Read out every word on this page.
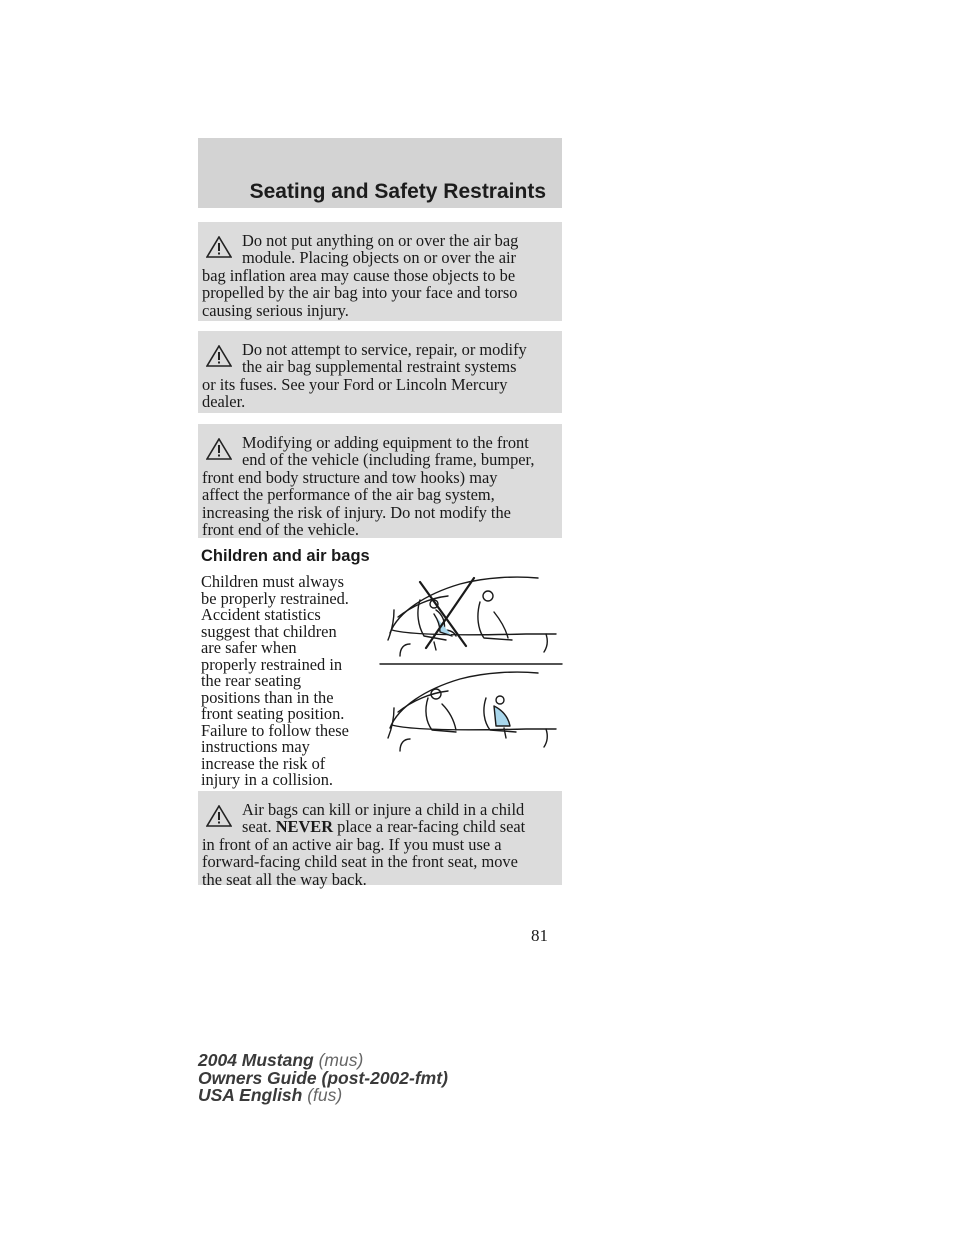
Seating and Safety Restraints
Do not put anything on or over the air bag
module. Placing objects on or over the air
bag inflation area may cause those objects to be
propelled by the air bag into your face and torso
causing serious injury.
Do not attempt to service, repair, or modify
the air bag supplemental restraint systems
or its fuses. See your Ford or Lincoln Mercury
dealer.
Modifying or adding equipment to the front
end of the vehicle (including frame, bumper,
front end body structure and tow hooks) may
affect the performance of the air bag system,
increasing the risk of injury. Do not modify the
front end of the vehicle.
Children and air bags
Children must always
be properly restrained.
Accident statistics
suggest that children
are safer when
properly restrained in
the rear seating
positions than in the
front seating position.
Failure to follow these
instructions may
increase the risk of
injury in a collision.
Air bags can kill or injure a child in a child
seat. NEVER place a rear-facing child seat
in front of an active air bag. If you must use a
forward-facing child seat in the front seat, move
the seat all the way back.
81
2004 Mustang (mus)
Owners Guide (post-2002-fmt)
USA English (fus)
